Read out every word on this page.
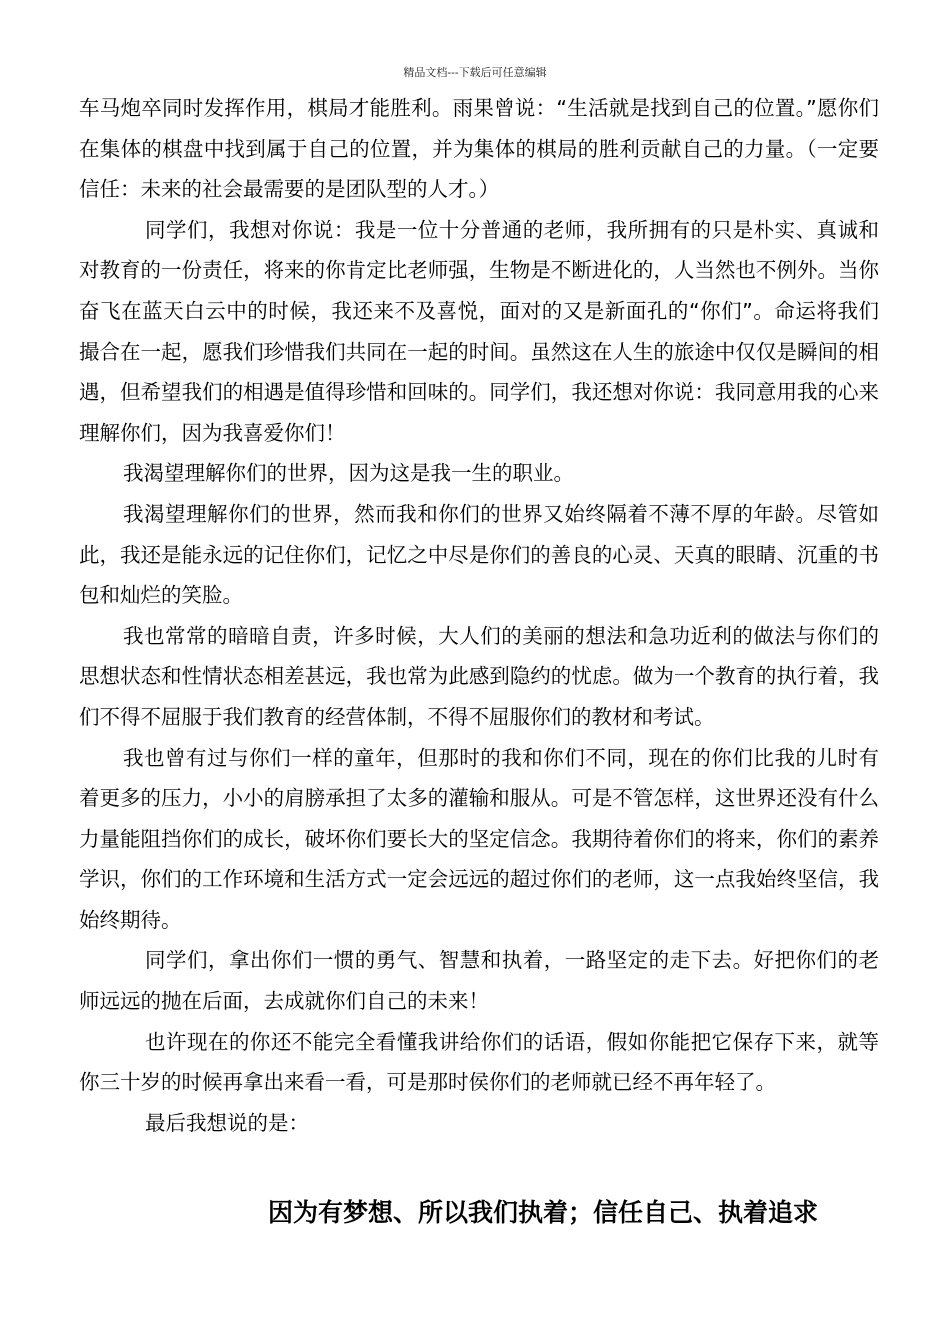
精品文档---下载后可任意编辑

车马炮卒同时发挥作用，棋局才能胜利。雨果曾说：“生活就是找到自己的位置。”愿你们在集体的棋盘中找到属于自己的位置，并为集体的棋局的胜利贡献自己的力量。（一定要信任：未来的社会最需要的是团队型的人才。）

同学们，我想对你说：我是一位十分普通的老师，我所拥有的只是朴实、真诚和对教育的一份责任，将来的你肯定比老师强，生物是不断进化的，人当然也不例外。当你奋飞在蓝天白云中的时候，我还来不及喜悦，面对的又是新面孔的“你们”。命运将我们撮合在一起，愿我们珍惜我们共同在一起的时间。虽然这在人生的旅途中仅仅是瞬间的相遇，但希望我们的相遇是值得珍惜和回味的。同学们，我还想对你说：我同意用我的心来理解你们，因为我喜爱你们！

我渴望理解你们的世界，因为这是我一生的职业。

我渴望理解你们的世界，然而我和你们的世界又始终隔着不薄不厚的年龄。尽管如此，我还是能永远的记住你们，记忆之中尽是你们的善良的心灵、天真的眼睛、沉重的书包和灿烂的笑脸。

我也常常的暗暗自责，许多时候，大人们的美丽的想法和急功近利的做法与你们的思想状态和性情状态相差甚远，我也常为此感到隐约的忧虑。做为一个教育的执行着，我们不得不屈服于我们教育的经营体制，不得不屈服你们的教材和考试。

我也曾有过与你们一样的童年，但那时的我和你们不同，现在的你们比我的儿时有着更多的压力，小小的肩膀承担了太多的灌输和服从。可是不管怎样，这世界还没有什么力量能阻挡你们的成长，破坏你们要长大的坚定信念。我期待着你们的将来，你们的素养学识，你们的工作环境和生活方式一定会远远的超过你们的老师，这一点我始终坚信，我始终期待。

同学们，拿出你们一惯的勇气、智慧和执着，一路坚定的走下去。好把你们的老师远远的抛在后面，去成就你们自己的未来！

也许现在的你还不能完全看懂我讲给你们的话语，假如你能把它保存下来，就等你三十岁的时候再拿出来看一看，可是那时侯你们的老师就已经不再年轻了。

最后我想说的是：

因为有梦想、所以我们执着；信任自己、执着追求
